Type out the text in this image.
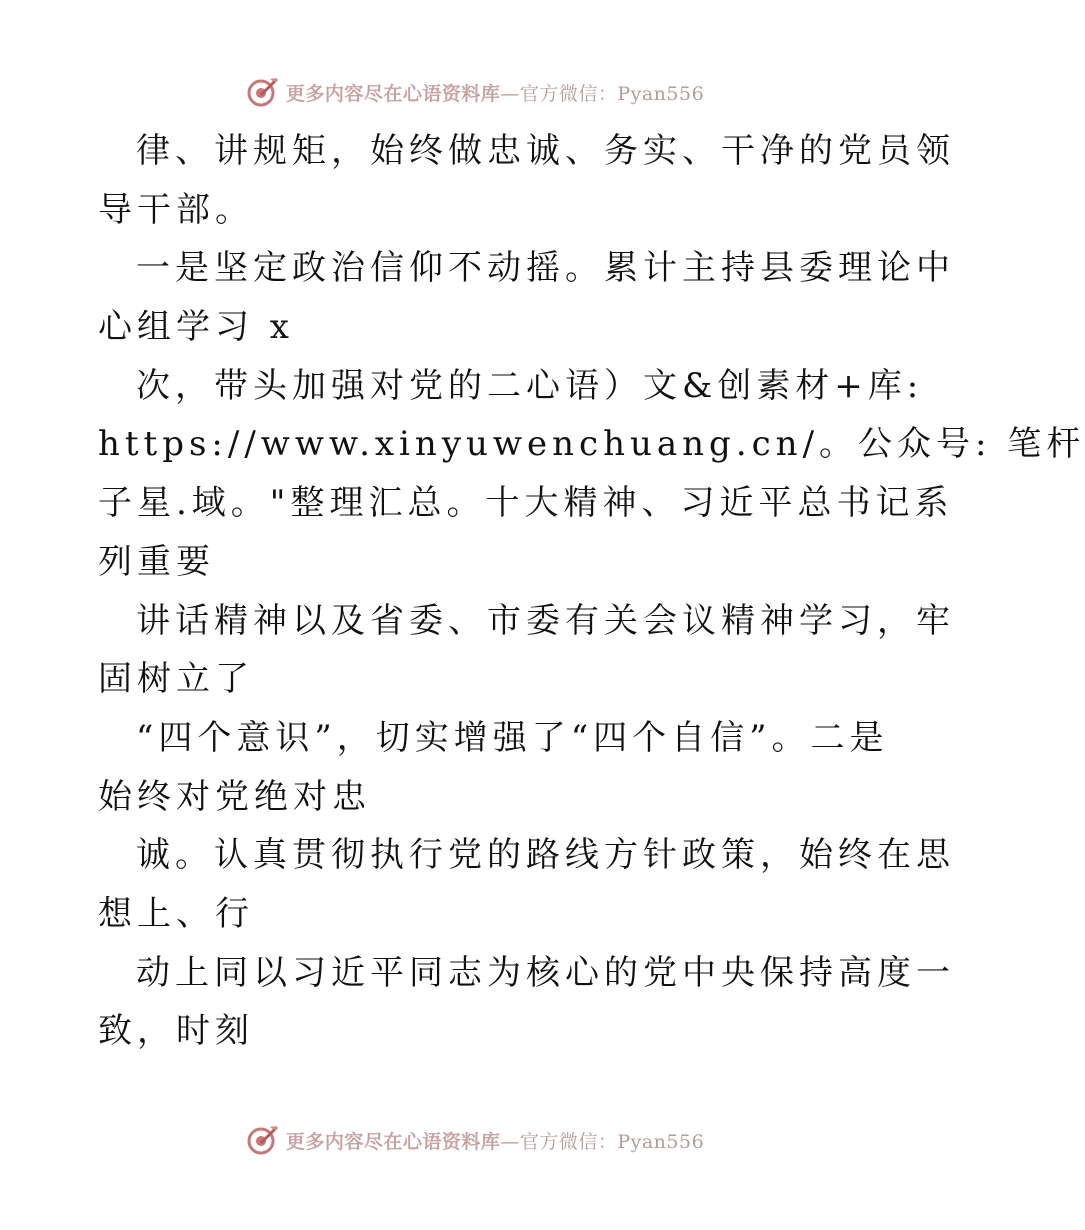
更多内容尽在心语资料库—官方微信：Pyan556
律、讲规矩，始终做忠诚、务实、干净的党员领
导干部。
一是坚定政治信仰不动摇。累计主持县委理论中
心组学习 x
次，带头加强对党的二心语）文&创素材+库:
https://www.xinyuwenchuang.cn/。公众号: 笔杆
子星.域。"整理汇总。十大精神、习近平总书记系
列重要
讲话精神以及省委、市委有关会议精神学习，牢
固树立了
“四个意识”，切实增强了“四个自信”。二是
始终对党绝对忠
诚。认真贯彻执行党的路线方针政策，始终在思
想上、行
动上同以习近平同志为核心的党中央保持高度一
致，时刻
更多内容尽在心语资料库—官方微信：Pyan556
